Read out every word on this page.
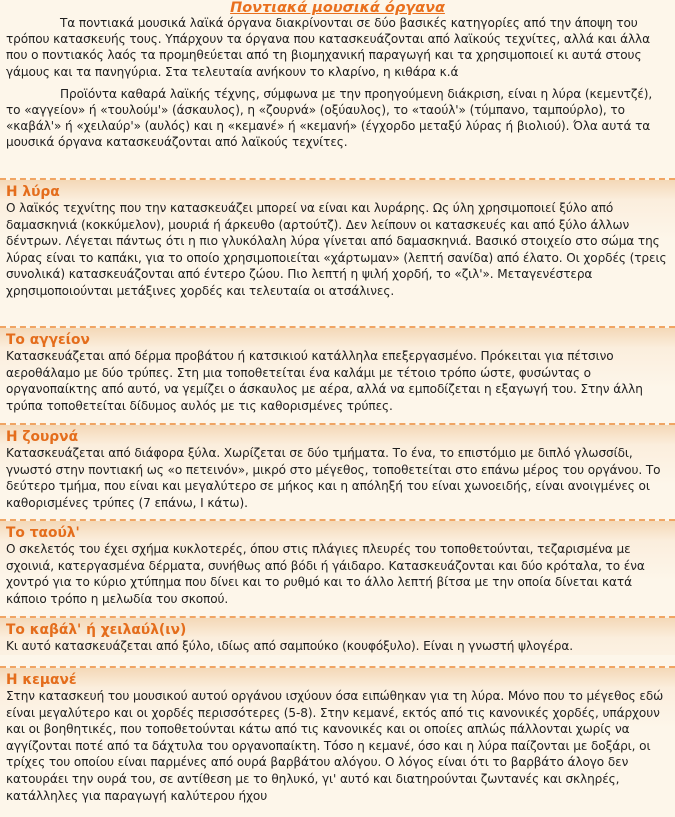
Ποντιακά μουσικά όργανα

Τα ποντιακά μουσικά λαϊκά όργανα διακρίνονται σε δύο βασικές κατηγορίες από την άποψη του τρόπου κατασκευής τους. Υπάρχουν τα όργανα που κατασκευάζονται από λαϊκούς τεχνίτες, αλλά και άλλα που ο ποντιακός λαός τα προμηθεύεται από τη βιομηχανική παραγωγή και τα χρησιμοποιεί κι αυτά στους γάμους και τα πανηγύρια. Στα τελευταία ανήκουν το κλαρίνο, η κιθάρα κ.ά

Προϊόντα καθαρά λαϊκής τέχνης, σύμφωνα με την προηγούμενη διάκριση, είναι η λύρα (κεμεντζέ), το «αγγείον» ή «τουλούμ'» (άσκαυλος), η «ζουρνά» (οξύαυλος), το «ταούλ'» (τύμπανο, ταμπούρλο), το «καβάλ'» ή «χειλαύρ'» (αυλός) και η «κεμανέ» ή «κεμανή» (έγχορδο μεταξύ λύρας ή βιολιού). Όλα αυτά τα μουσικά όργανα κατασκευάζονται από λαϊκούς τεχνίτες.

Η λύρα

Ο λαϊκός τεχνίτης που την κατασκευάζει μπορεί να είναι και λυράρης. Ως ύλη χρησιμοποιεί ξύλο από δαμασκηνιά (κοκκύμελον), μουριά ή άρκευθο (αρτούτζ). Δεν λείπουν οι κατασκευές και από ξύλο άλλων δέντρων. Λέγεται πάντως ότι η πιο γλυκόλαλη λύρα γίνεται από δαμασκηνιά. Βασικό στοιχείο στο σώμα της λύρας είναι το καπάκι, για το οποίο χρησιμοποιείται «χάρτωμαν» (λεπτή σανίδα) από έλατο. Οι χορδές (τρεις συνολικά) κατασκευάζονται από έντερο ζώου. Πιο λεπτή η ψιλή χορδή, το «ζιλ'». Μεταγενέστερα χρησιμοποιούνται μετάξινες χορδές και τελευταία οι ατσάλινες.

Το αγγείον

Κατασκευάζεται από δέρμα προβάτου ή κατσικιού κατάλληλα επεξεργασμένο. Πρόκειται για πέτσινο αεροθάλαμο με δύο τρύπες. Στη μια τοποθετείται ένα καλάμι με τέτοιο τρόπο ώστε, φυσώντας ο οργανοπαίκτης από αυτό, να γεμίζει ο άσκαυλος με αέρα, αλλά να εμποδίζεται η εξαγωγή του. Στην άλλη τρύπα τοποθετείται δίδυμος αυλός με τις καθορισμένες τρύπες.

Η ζουρνά

Κατασκευάζεται από διάφορα ξύλα. Χωρίζεται σε δύο τμήματα. Το ένα, το επιστόμιο με διπλό γλωσσίδι, γνωστό στην ποντιακή ως «ο πετεινόν», μικρό στο μέγεθος, τοποθετείται στο επάνω μέρος του οργάνου. Το δεύτερο τμήμα, που είναι και μεγαλύτερο σε μήκος και η απόληξή του είναι χωνοειδής, είναι ανοιγμένες οι καθορισμένες τρύπες (7 επάνω, Ι κάτω).

Το ταούλ'

Ο σκελετός του έχει σχήμα κυκλοτερές, όπου στις πλάγιες πλευρές του τοποθετούνται, τεζαρισμένα με σχοινιά, κατεργασμένα δέρματα, συνήθως από βόδι ή γάιδαρο. Κατασκευάζονται και δύο κρόταλα, το ένα χοντρό για το κύριο χτύπημα που δίνει και το ρυθμό και το άλλο λεπτή βίτσα με την οποία δίνεται κατά κάποιο τρόπο η μελωδία του σκοπού.

Το καβάλ' ή χειλαύλ(ιν)

Κι αυτό κατασκευάζεται από ξύλο, ιδίως από σαμπούκο (κουφόξυλο). Είναι η γνωστή ψλογέρα.

Η κεμανέ

Στην κατασκευή του μουσικού αυτού οργάνου ισχύουν όσα ειπώθηκαν για τη λύρα. Μόνο που το μέγεθος εδώ είναι μεγαλύτερο και οι χορδές περισσότερες (5-8). Στην κεμανέ, εκτός από τις κανονικές χορδές, υπάρχουν και οι βοηθητικές, που τοποθετούνται κάτω από τις κανονικές και οι οποίες απλώς πάλλονται χωρίς να αγγίζονται ποτέ από τα δάχτυλα του οργανοπαίκτη. Τόσο η κεμανέ, όσο και η λύρα παίζονται με δοξάρι, οι τρίχες του οποίου είναι παρμένες από ουρά βαρβάτου αλόγου. Ο λόγος είναι ότι το βαρβάτο άλογο δεν κατουράει την ουρά του, σε αντίθεση με το θηλυκό, γι' αυτό και διατηρούνται ζωντανές και σκληρές, κατάλληλες για παραγωγή καλύτερου ήχου
